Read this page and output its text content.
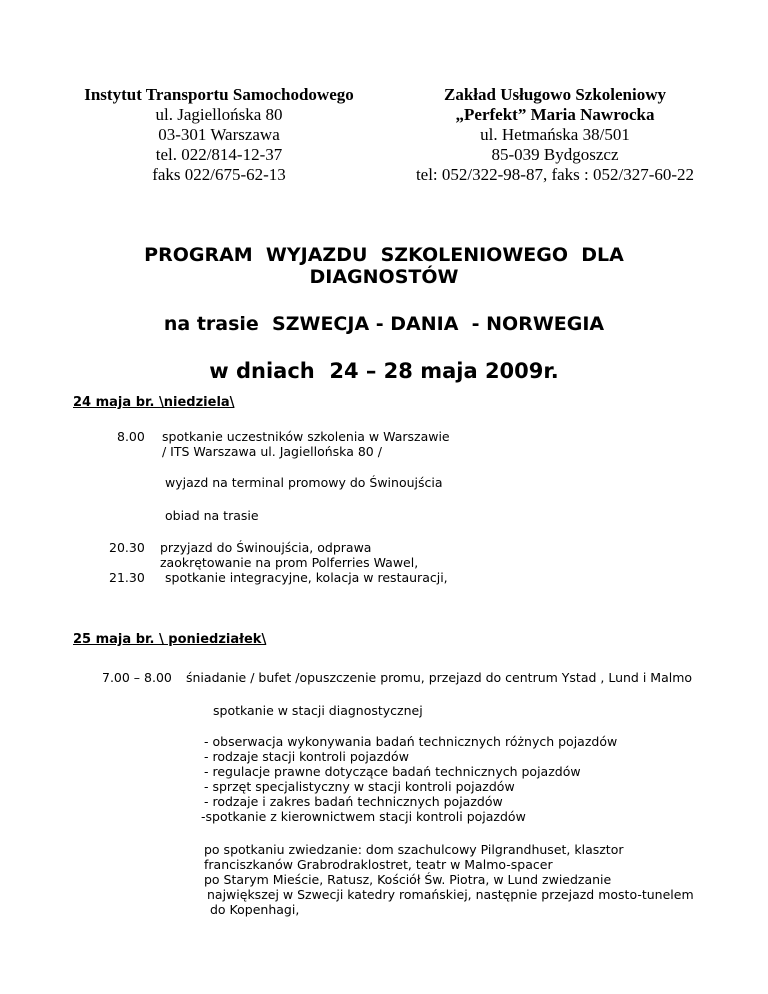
Instytut Transportu Samochodowego
ul. Jagiellońska 80
03-301 Warszawa
tel. 022/814-12-37
faks 022/675-62-13
Zakład Usługowo Szkoleniowy
„Perfekt” Maria Nawrocka
ul. Hetmańska 38/501
85-039 Bydgoszcz
tel: 052/322-98-87, faks : 052/327-60-22
PROGRAM  WYJAZDU  SZKOLENIOWEGO  DLA
DIAGNOSTÓW
na trasie  SZWECJA - DANIA  - NORWEGIA
w dniach  24 – 28 maja 2009r.
24 maja br. \niedziela\
8.00 spotkanie uczestników szkolenia w Warszawie
/ ITS Warszawa ul. Jagiellońska 80 /
wyjazd na terminal promowy do Świnoujścia
obiad na trasie
20.30 przyjazd do Świnoujścia, odprawa
zaokrętowanie na prom Polferries Wawel,
21.30 spotkanie integracyjne, kolacja w restauracji,
25 maja br. \ poniedziałek\
7.00 – 8.00 śniadanie / bufet /opuszczenie promu, przejazd do centrum Ystad , Lund i Malmo
spotkanie w stacji diagnostycznej
- obserwacja wykonywania badań technicznych różnych pojazdów
- rodzaje stacji kontroli pojazdów
- regulacje prawne dotyczące badań technicznych pojazdów
- sprzęt specjalistyczny w stacji kontroli pojazdów
- rodzaje i zakres badań technicznych pojazdów
-spotkanie z kierownictwem stacji kontroli pojazdów
po spotkaniu zwiedzanie: dom szachulcowy Pilgrandhuset, klasztor
franciszkanów Grabrodraklostret, teatr w Malmo-spacer
po Starym Mieście, Ratusz, Kościół Św. Piotra, w Lund zwiedzanie
największej w Szwecji katedry romańskiej, następnie przejazd mosto-tunelem
do Kopenhagi,
